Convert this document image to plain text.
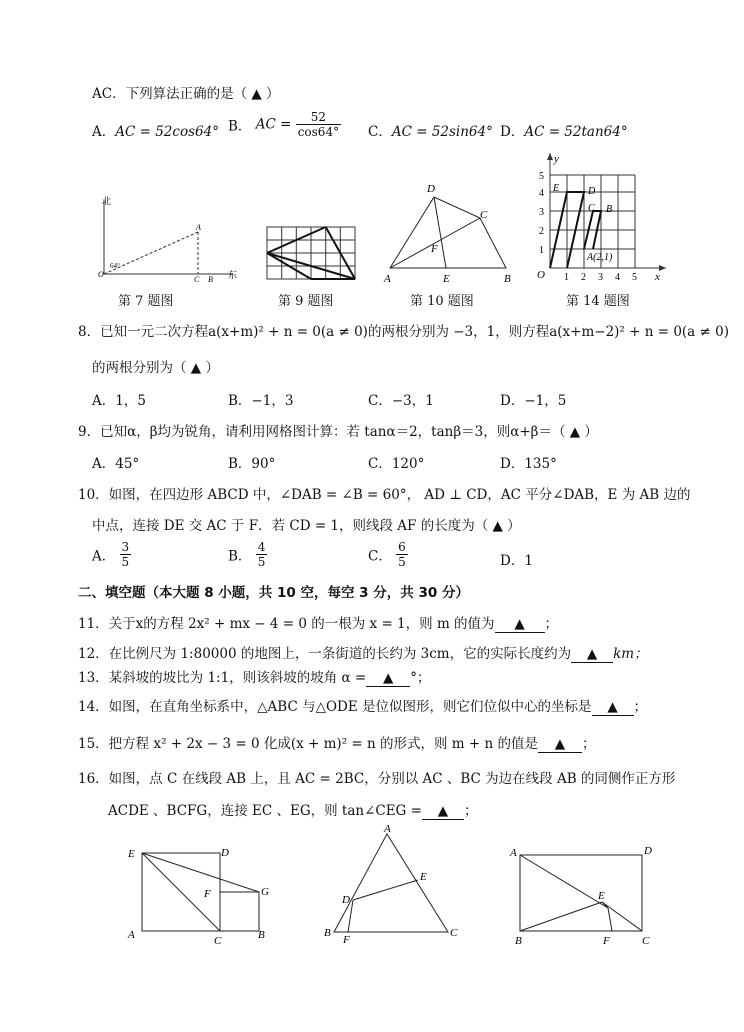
AC．下列算法正确的是（ ▲ ）
A．AC = 52cos64° B． AC = $\frac{52}{\cos 64^\circ}$ C．AC = 52sin64° D．AC = 52tan64°
北
东
O
A
C B
64°
第 7 题图	第 9 题图
D
C
F
A	E	B
第 10 题图
y
x
O
1
2
3
4
5
1 2 3 4 5
E	D
C B
A(2,1)
第 14 题图
8．已知一元二次方程a(x+m)² + n = 0(a ≠ 0)的两根分别为 −3，1，则方程a(x+m−2)² + n = 0(a ≠ 0)
的两根分别为（ ▲ ）
A．1，5	B．−1，3	C．−3，1	D．−1，5
9．已知α，β均为锐角，请利用网格图计算：若 tanα＝2，tanβ＝3，则α+β＝（ ▲ ）
A．45°	B．90°	C．120°	D．135°
10．如图，在四边形 ABCD 中，∠DAB = ∠B = 60°， AD ⊥ CD，AC 平分∠DAB，E 为 AB 边的
中点，连接 DE 交 AC 于 F．若 CD = 1，则线段 AF 的长度为（ ▲ ）
A． $\frac{3}{5}$	B． $\frac{4}{5}$	C． $\frac{6}{5}$	D．1
二、填空题（本大题 8 小题，共 10 空，每空 3 分，共 30 分）
11．关于x的方程 2x² + mx − 4 = 0 的一根为 x = 1，则 m 的值为 ▲ ；
12．在比例尺为 1:80000 的地图上，一条街道的长约为 3cm，它的实际长度约为 ▲ km；
13．某斜坡的坡比为 1:1，则该斜坡的坡角 α = ▲ °；
14．如图，在直角坐标系中，△ABC 与△ODE 是位似图形，则它们位似中心的坐标是 ▲ ；
15．把方程 x² + 2x − 3 = 0 化成(x + m)² = n 的形式，则 m + n 的值是 ▲ ；
16．如图，点 C 在线段 AB 上，且 AC = 2BC，分别以 AC 、BC 为边在线段 AB 的同侧作正方形
ACDE 、BCFG，连接 EC 、EG，则 tan∠CEG = ▲ ；
E	D
F	G
A	C	B
A
E
D
B
F
C
A	D
E
B	F	C
